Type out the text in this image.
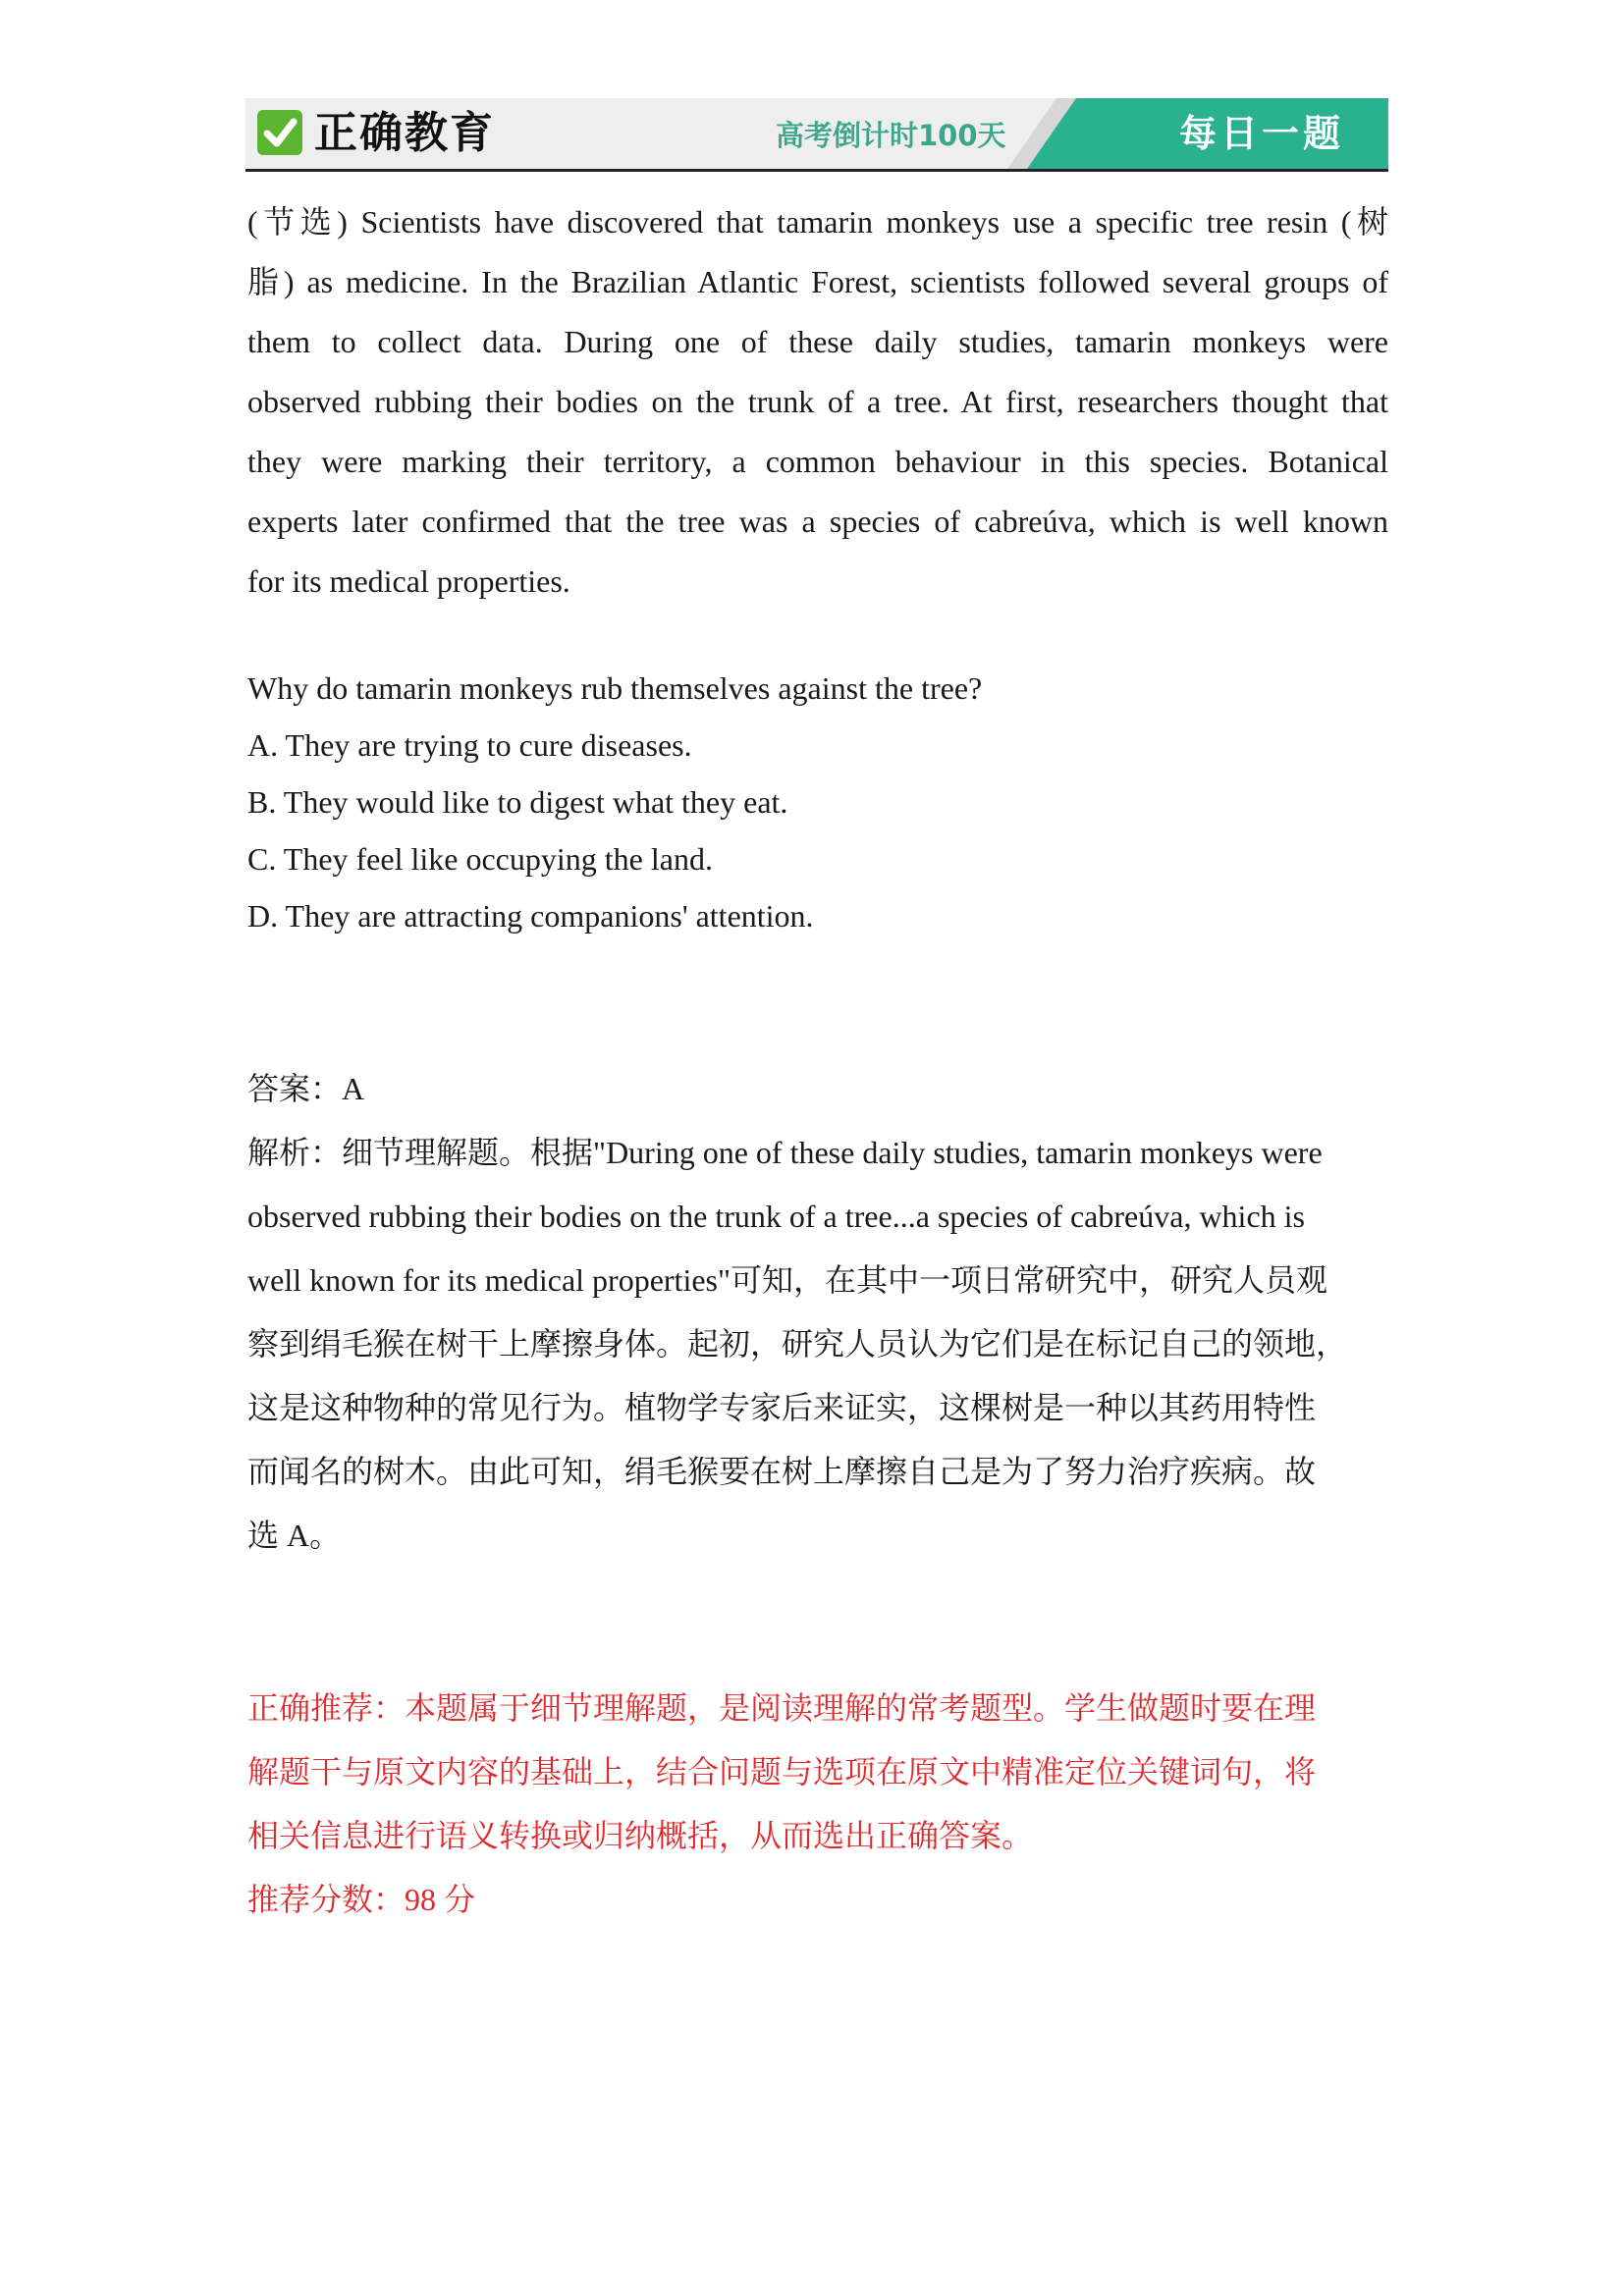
正确教育	高考倒计时100天	每日一题
(节选) Scientists have discovered that tamarin monkeys use a specific tree resin (树
脂) as medicine. In the Brazilian Atlantic Forest, scientists followed several groups of
them to collect data. During one of these daily studies, tamarin monkeys were
observed rubbing their bodies on the trunk of a tree. At first, researchers thought that
they were marking their territory, a common behaviour in this species. Botanical
experts later confirmed that the tree was a species of cabreúva, which is well known
for its medical properties.
Why do tamarin monkeys rub themselves against the tree?
A. They are trying to cure diseases.
B. They would like to digest what they eat.
C. They feel like occupying the land.
D. They are attracting companions' attention.
答案：A
解析：细节理解题。根据"During one of these daily studies, tamarin monkeys were
observed rubbing their bodies on the trunk of a tree...a species of cabreúva, which is
well known for its medical properties"可知，在其中一项日常研究中，研究人员观
察到绢毛猴在树干上摩擦身体。起初，研究人员认为它们是在标记自己的领地，
这是这种物种的常见行为。植物学专家后来证实，这棵树是一种以其药用特性
而闻名的树木。由此可知，绢毛猴要在树上摩擦自己是为了努力治疗疾病。故
选 A。
正确推荐：本题属于细节理解题，是阅读理解的常考题型。学生做题时要在理
解题干与原文内容的基础上，结合问题与选项在原文中精准定位关键词句，将
相关信息进行语义转换或归纳概括，从而选出正确答案。
推荐分数：98 分
